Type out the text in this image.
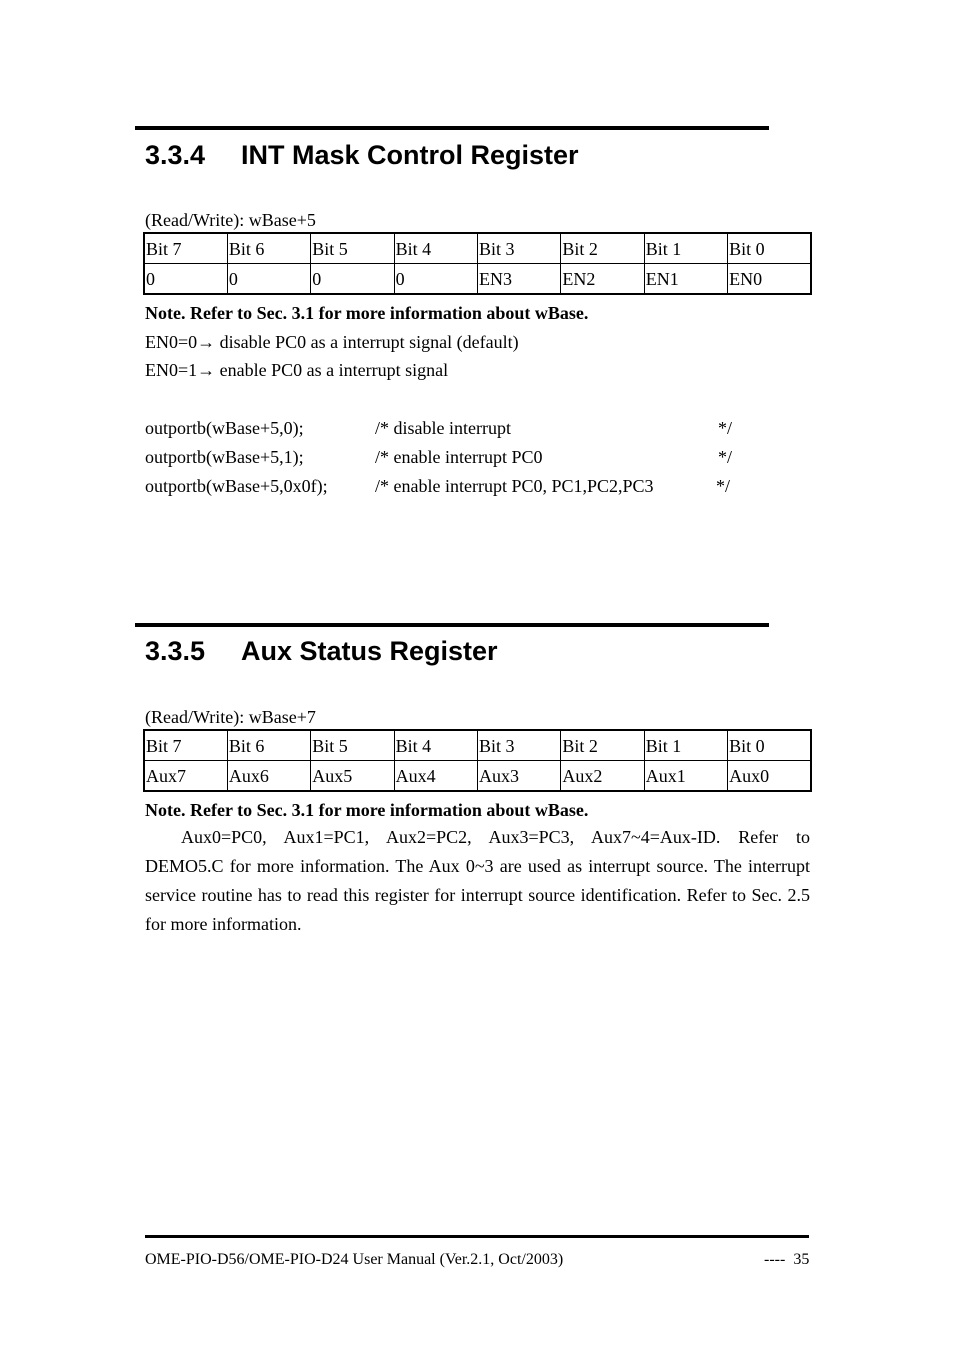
3.3.4 INT Mask Control Register
(Read/Write): wBase+5
Bit 7	Bit 6	Bit 5	Bit 4	Bit 3	Bit 2	Bit 1	Bit 0
0	0	0	0	EN3	EN2	EN1	EN0
Note. Refer to Sec. 3.1 for more information about wBase.
EN0=0→ disable PC0 as a interrupt signal (default)
EN0=1→ enable PC0 as a interrupt signal
outportb(wBase+5,0);	/* disable interrupt	*/
outportb(wBase+5,1);	/* enable interrupt PC0	*/
outportb(wBase+5,0x0f);	/* enable interrupt PC0, PC1,PC2,PC3	*/
3.3.5 Aux Status Register
(Read/Write): wBase+7
Bit 7	Bit 6	Bit 5	Bit 4	Bit 3	Bit 2	Bit 1	Bit 0
Aux7	Aux6	Aux5	Aux4	Aux3	Aux2	Aux1	Aux0
Note. Refer to Sec. 3.1 for more information about wBase.
Aux0=PC0, Aux1=PC1, Aux2=PC2, Aux3=PC3, Aux7~4=Aux-ID. Refer to DEMO5.C for more information. The Aux 0~3 are used as interrupt source. The interrupt service routine has to read this register for interrupt source identification. Refer to Sec. 2.5 for more information.
OME-PIO-D56/OME-PIO-D24 User Manual (Ver.2.1, Oct/2003)	----  35
